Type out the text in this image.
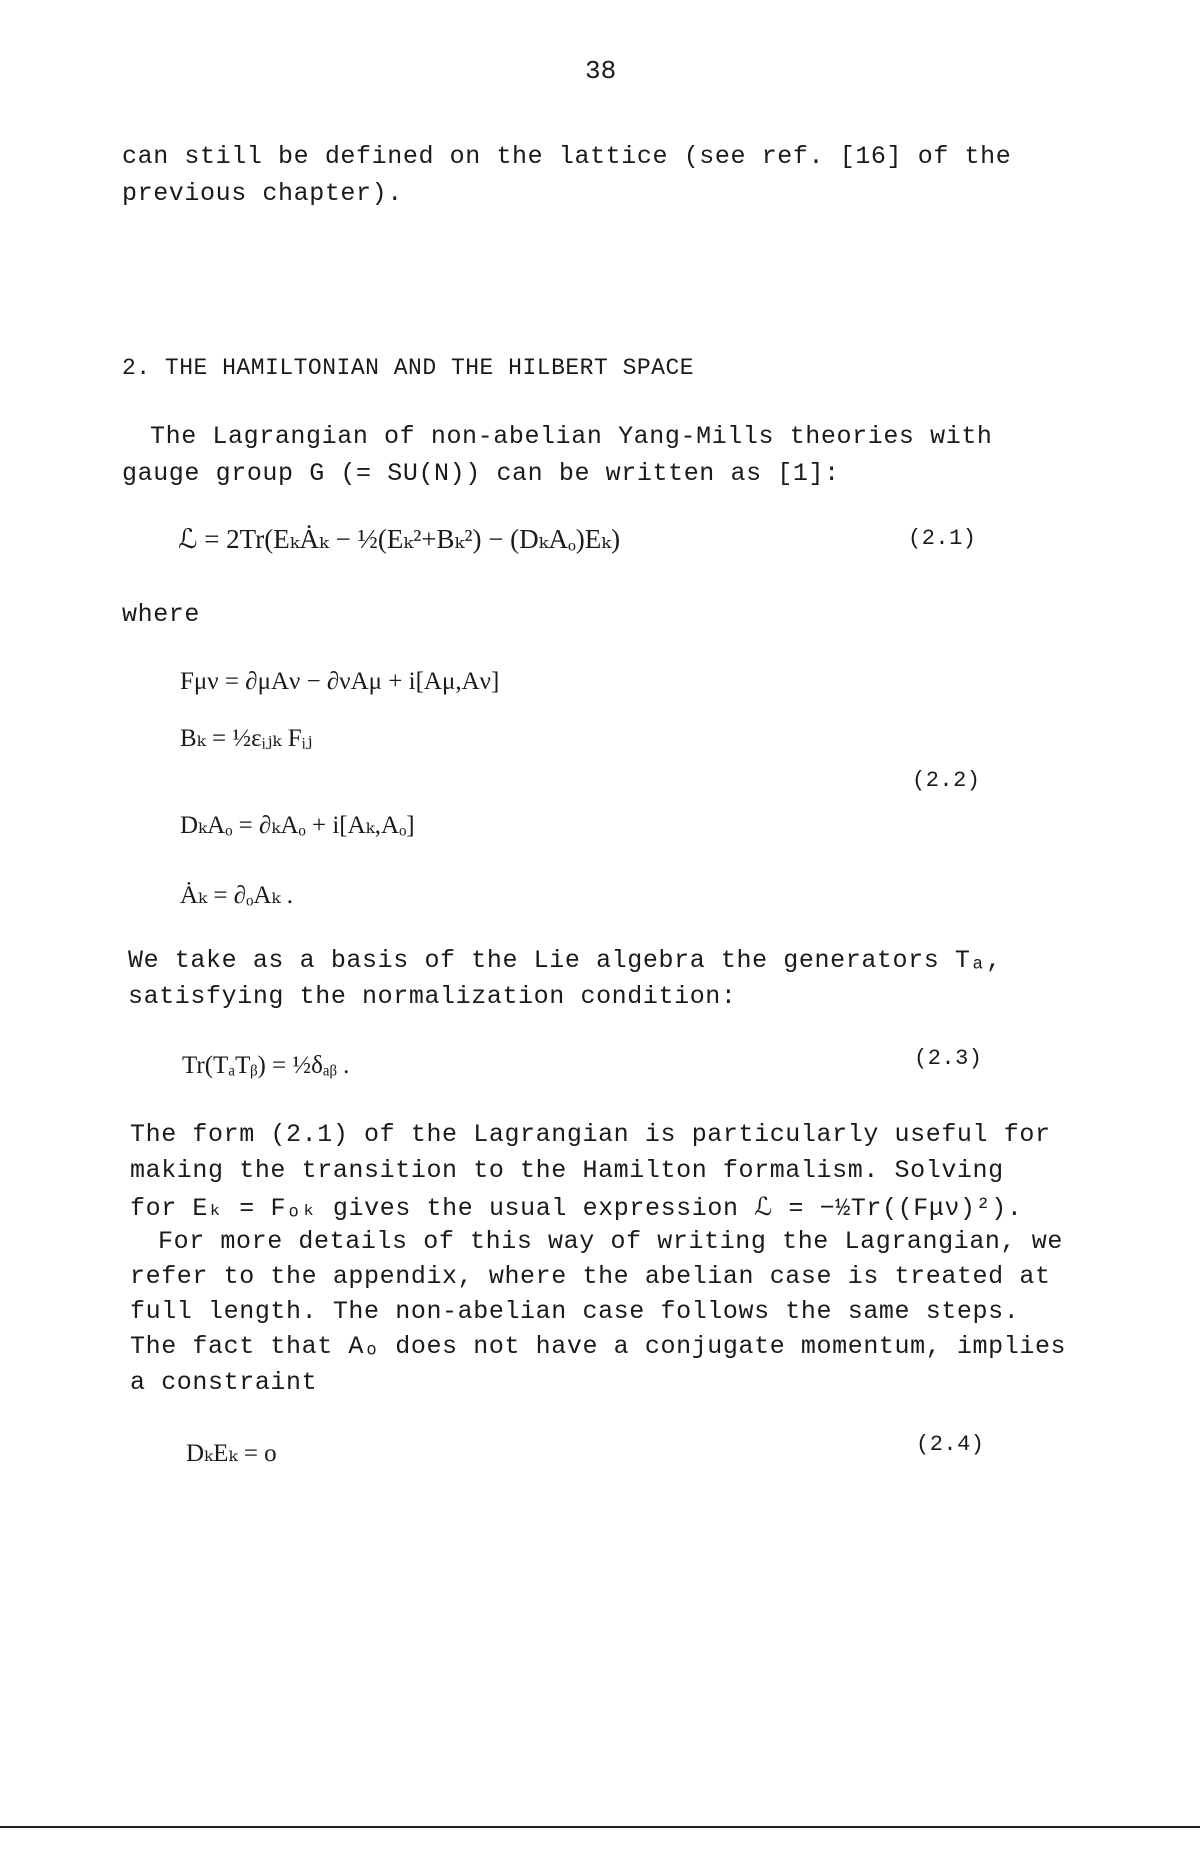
38
can still be defined on the lattice (see ref. [16] of the
previous chapter).
2. THE HAMILTONIAN AND THE HILBERT SPACE
The Lagrangian of non-abelian Yang-Mills theories with
gauge group G (= SU(N)) can be written as [1]:
ℒ = 2Tr(EₖȦₖ − ½(Eₖ²+Bₖ²) − (DₖAₒ)Eₖ)	(2.1)
where
Fμν = ∂μAν − ∂νAμ + i[Aμ,Aν]
Bₖ = ½εᵢⱼₖ Fᵢⱼ
DₖAₒ = ∂ₖAₒ + i[Aₖ,Aₒ]
Ȧₖ = ∂ₒAₖ .
(2.2)
We take as a basis of the Lie algebra the generators Tₐ,
satisfying the normalization condition:
Tr(TₐTᵦ) = ½δₐᵦ .	(2.3)
The form (2.1) of the Lagrangian is particularly useful for
making the transition to the Hamilton formalism. Solving
for Eₖ = Fₒₖ gives the usual expression ℒ = −½Tr((Fμν)²).
For more details of this way of writing the Lagrangian, we
refer to the appendix, where the abelian case is treated at
full length. The non-abelian case follows the same steps.
The fact that Aₒ does not have a conjugate momentum, implies
a constraint
DₖEₖ = o	(2.4)
